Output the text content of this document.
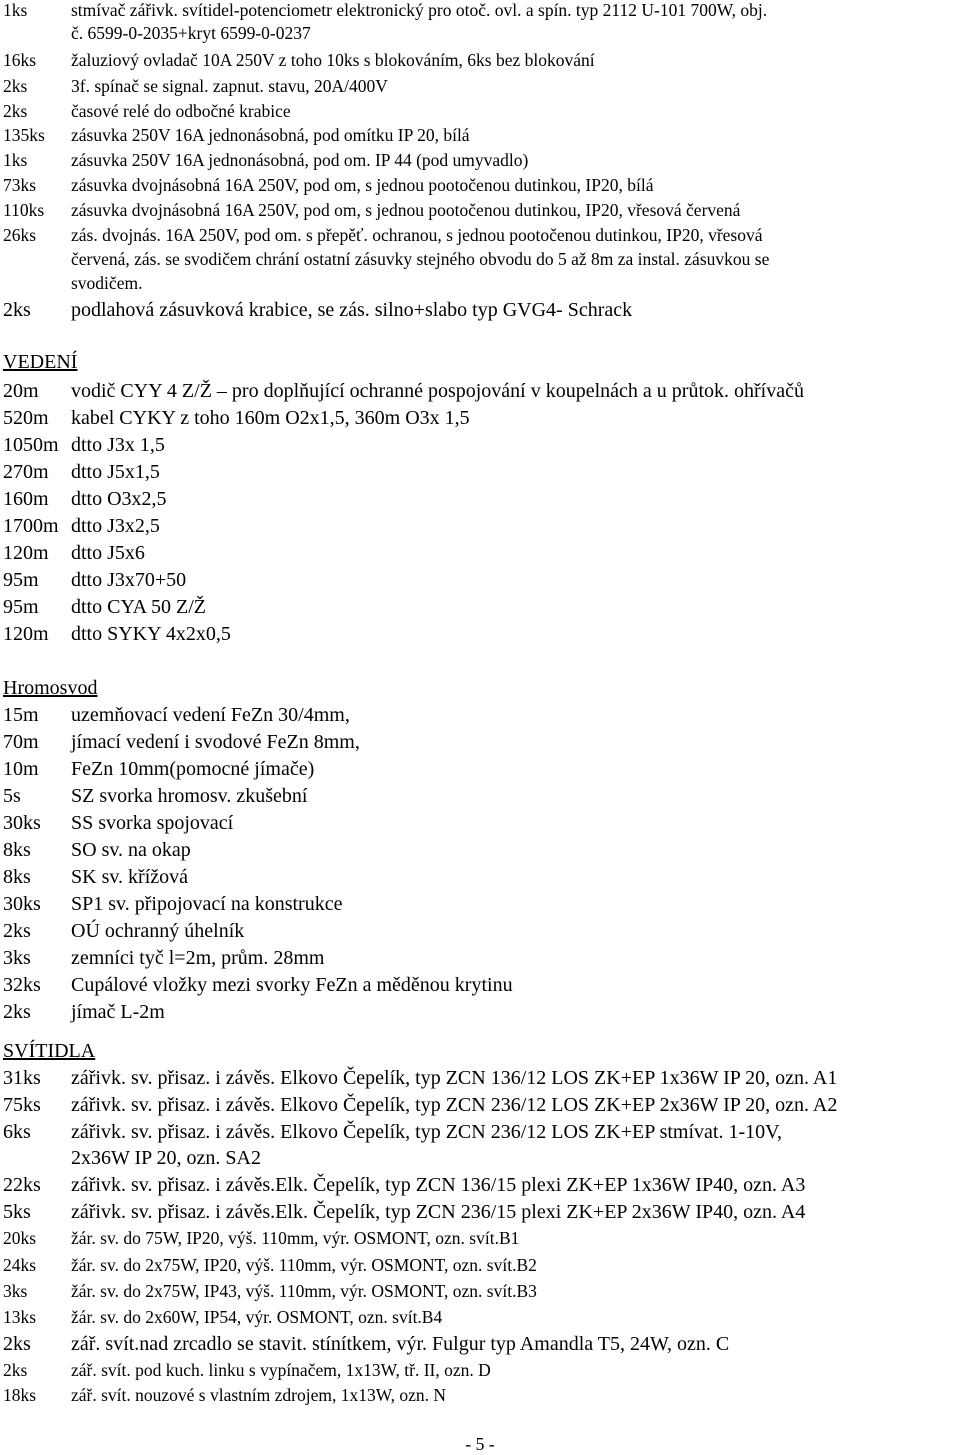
1ks stmívač zářivk. svítidel-potenciometr elektronický pro otoč. ovl. a spín. typ 2112 U-101 700W, obj.
č. 6599-0-2035+kryt 6599-0-0237
16ks žaluziový ovladač 10A 250V z toho 10ks s blokováním, 6ks bez blokování
2ks 3f. spínač se signal. zapnut. stavu, 20A/400V
2ks časové relé do odbočné krabice
135ks zásuvka 250V 16A jednonásobná, pod omítku IP 20, bílá
1ks zásuvka 250V 16A jednonásobná, pod om. IP 44 (pod umyvadlo)
73ks zásuvka dvojnásobná 16A 250V, pod om, s jednou pootočenou dutinkou, IP20, bílá
110ks zásuvka dvojnásobná 16A 250V, pod om, s jednou pootočenou dutinkou, IP20, vřesová červená
26ks zás. dvojnás. 16A 250V, pod om. s přepěť. ochranou, s jednou pootočenou dutinkou, IP20, vřesová
červená, zás. se svodičem chrání ostatní zásuvky stejného obvodu do 5 až 8m za instal. zásuvkou se
svodičem.
2ks podlahová zásuvková krabice, se zás. silno+slabo typ GVG4- Schrack
VEDENÍ
20m vodič CYY 4 Z/Ž – pro doplňující ochranné pospojování v koupelnách a u průtok. ohřívačů
520m kabel CYKY z toho 160m O2x1,5, 360m O3x 1,5
1050m dtto J3x 1,5
270m dtto J5x1,5
160m dtto O3x2,5
1700m dtto J3x2,5
120m dtto J5x6
95m dtto J3x70+50
95m dtto CYA 50 Z/Ž
120m dtto SYKY 4x2x0,5
Hromosvod
15m uzemňovací vedení FeZn 30/4mm,
70m jímací vedení i svodové FeZn 8mm,
10m FeZn 10mm(pomocné jímače)
5s	SZ svorka hromosv. zkušební
30ks SS svorka spojovací
8ks SO sv. na okap
8ks SK sv. křížová
30ks SP1 sv. připojovací na konstrukce
2ks OÚ ochranný úhelník
3ks zemníci tyč l=2m, prům. 28mm
32ks Cupálové vložky mezi svorky FeZn a měděnou krytinu
2ks jímač L-2m
SVÍTIDLA
31ks zářivk. sv. přisaz. i závěs. Elkovo Čepelík, typ ZCN 136/12 LOS ZK+EP 1x36W IP 20, ozn. A1
75ks zářivk. sv. přisaz. i závěs. Elkovo Čepelík, typ ZCN 236/12 LOS ZK+EP 2x36W IP 20, ozn. A2
6ks zářivk. sv. přisaz. i závěs. Elkovo Čepelík, typ ZCN 236/12 LOS ZK+EP stmívat. 1-10V,
2x36W IP 20, ozn. SA2
22ks zářivk. sv. přisaz. i závěs.Elk. Čepelík, typ ZCN 136/15 plexi ZK+EP 1x36W IP40, ozn. A3
5ks zářivk. sv. přisaz. i závěs.Elk. Čepelík, typ ZCN 236/15 plexi ZK+EP 2x36W IP40, ozn. A4
20ks žár. sv. do 75W, IP20, výš. 110mm, výr. OSMONT, ozn. svít.B1
24ks žár. sv. do 2x75W, IP20, výš. 110mm, výr. OSMONT, ozn. svít.B2
3ks žár. sv. do 2x75W, IP43, výš. 110mm, výr. OSMONT, ozn. svít.B3
13ks žár. sv. do 2x60W, IP54, výr. OSMONT, ozn. svít.B4
2ks zář. svít.nad zrcadlo se stavit. stínítkem, výr. Fulgur typ Amandla T5, 24W, ozn. C
2ks zář. svít. pod kuch. linku s vypínačem, 1x13W, tř. II, ozn. D
18ks zář. svít. nouzové s vlastním zdrojem, 1x13W, ozn. N
- 5 -
